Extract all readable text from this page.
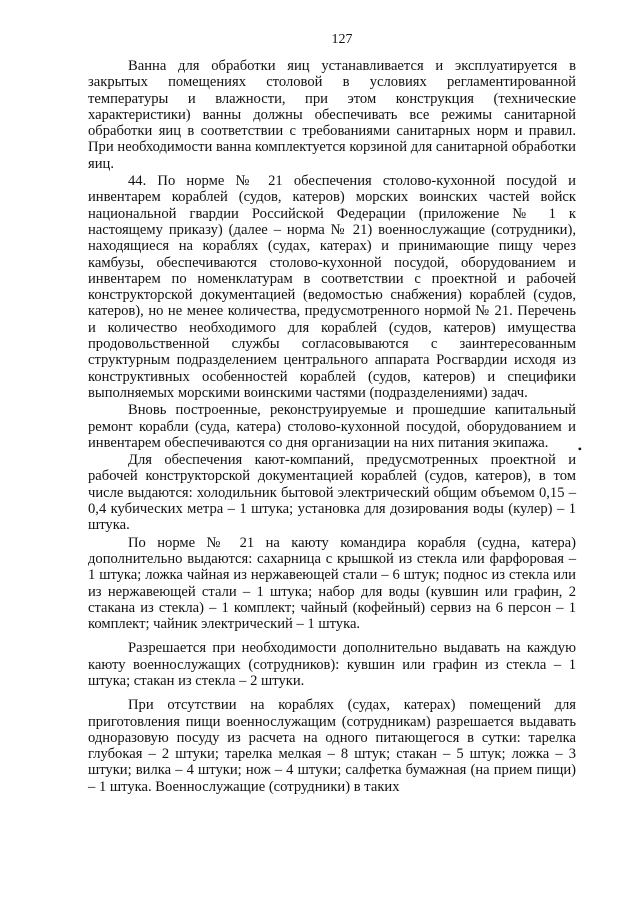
127

Ванна для обработки яиц устанавливается и эксплуатируется в закрытых помещениях столовой в условиях регламентированной температуры и влажности, при этом конструкция (технические характеристики) ванны должны обеспечивать все режимы санитарной обработки яиц в соответствии с требованиями санитарных норм и правил. При необходимости ванна комплектуется корзиной для санитарной обработки яиц.

44. По норме № 21 обеспечения столово-кухонной посудой и инвентарем кораблей (судов, катеров) морских воинских частей войск национальной гвардии Российской Федерации (приложение № 1 к настоящему приказу) (далее – норма № 21) военнослужащие (сотрудники), находящиеся на кораблях (судах, катерах) и принимающие пищу через камбузы, обеспечиваются столово-кухонной посудой, оборудованием и инвентарем по номенклатурам в соответствии с проектной и рабочей конструкторской документацией (ведомостью снабжения) кораблей (судов, катеров), но не менее количества, предусмотренного нормой № 21. Перечень и количество необходимого для кораблей (судов, катеров) имущества продовольственной службы согласовываются с заинтересованным структурным подразделением центрального аппарата Росгвардии исходя из конструктивных особенностей кораблей (судов, катеров) и специфики выполняемых морскими воинскими частями (подразделениями) задач.

Вновь построенные, реконструируемые и прошедшие капитальный ремонт корабли (суда, катера) столово-кухонной посудой, оборудованием и инвентарем обеспечиваются со дня организации на них питания экипажа.

Для обеспечения кают-компаний, предусмотренных проектной и рабочей конструкторской документацией кораблей (судов, катеров), в том числе выдаются: холодильник бытовой электрический общим объемом 0,15 – 0,4 кубических метра – 1 штука; установка для дозирования воды (кулер) – 1 штука.

По норме № 21 на каюту командира корабля (судна, катера) дополнительно выдаются: сахарница с крышкой из стекла или фарфоровая – 1 штука; ложка чайная из нержавеющей стали – 6 штук; поднос из стекла или из нержавеющей стали – 1 штука; набор для воды (кувшин или графин, 2 стакана из стекла) – 1 комплект; чайный (кофейный) сервиз на 6 персон – 1 комплект; чайник электрический – 1 штука.

Разрешается при необходимости дополнительно выдавать на каждую каюту военнослужащих (сотрудников): кувшин или графин из стекла – 1 штука; стакан из стекла – 2 штуки.

При отсутствии на кораблях (судах, катерах) помещений для приготовления пищи военнослужащим (сотрудникам) разрешается выдавать одноразовую посуду из расчета на одного питающегося в сутки: тарелка глубокая – 2 штуки; тарелка мелкая – 8 штук; стакан – 5 штук; ложка – 3 штуки; вилка – 4 штуки; нож – 4 штуки; салфетка бумажная (на прием пищи) – 1 штука. Военнослужащие (сотрудники) в таких

•
